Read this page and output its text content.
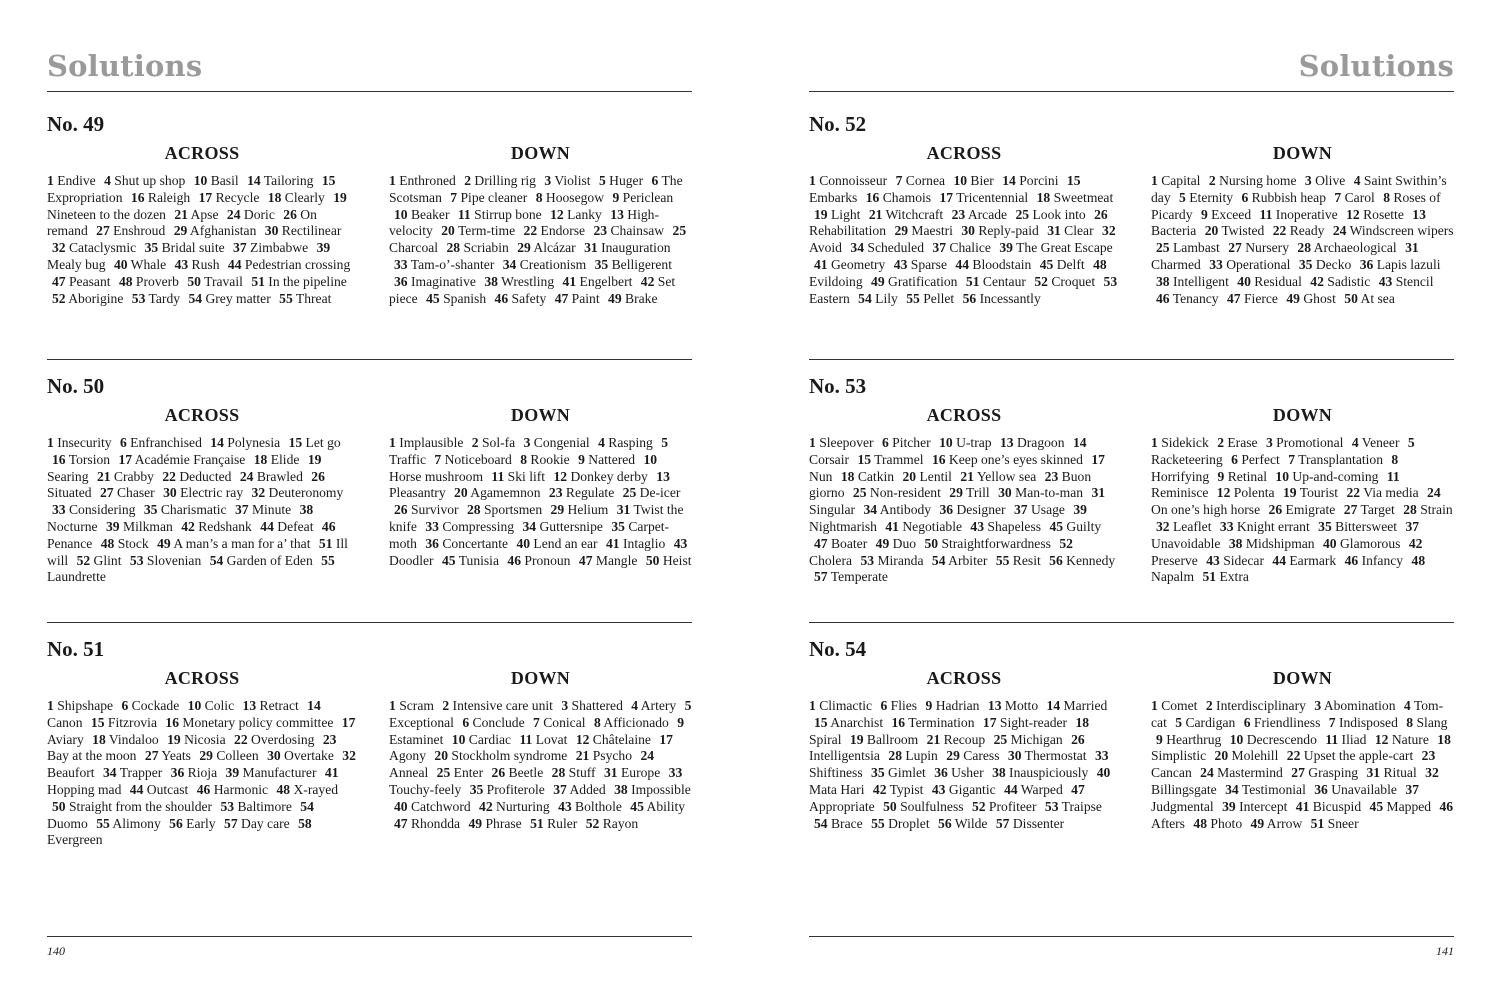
Solutions
No. 49
ACROSS

1 Endive 4 Shut up shop 10 Basil 14 Tailoring 15 Expropriation 16 Raleigh 17 Recycle 18 Clearly 19 Nineteen to the dozen 21 Apse 24 Doric 26 On remand 27 Enshroud 29 Afghanistan 30 Rectilinear 32 Cataclysmic 35 Bridal suite 37 Zimbabwe 39 Mealy bug 40 Whale 43 Rush 44 Pedestrian crossing 47 Peasant 48 Proverb 50 Travail 51 In the pipeline 52 Aborigine 53 Tardy 54 Grey matter 55 Threat

DOWN

1 Enthroned 2 Drilling rig 3 Violist 5 Huger 6 The Scotsman 7 Pipe cleaner 8 Hoosegow 9 Periclean 10 Beaker 11 Stirrup bone 12 Lanky 13 High-velocity 20 Term-time 22 Endorse 23 Chainsaw 25 Charcoal 28 Scriabin 29 Alcázar 31 Inauguration 33 Tam-o’-shanter 34 Creationism 35 Belligerent 36 Imaginative 38 Wrestling 41 Engelbert 42 Set piece 45 Spanish 46 Safety 47 Paint 49 Brake

No. 50
ACROSS

1 Insecurity 6 Enfranchised 14 Polynesia 15 Let go 16 Torsion 17 Académie Française 18 Elide 19 Searing 21 Crabby 22 Deducted 24 Brawled 26 Situated 27 Chaser 30 Electric ray 32 Deuteronomy 33 Considering 35 Charismatic 37 Minute 38 Nocturne 39 Milkman 42 Redshank 44 Defeat 46 Penance 48 Stock 49 A man’s a man for a’ that 51 Ill will 52 Glint 53 Slovenian 54 Garden of Eden 55 Laundrette

DOWN

1 Implausible 2 Sol-fa 3 Congenial 4 Rasping 5 Traffic 7 Noticeboard 8 Rookie 9 Nattered 10 Horse mushroom 11 Ski lift 12 Donkey derby 13 Pleasantry 20 Agamemnon 23 Regulate 25 De-icer 26 Survivor 28 Sportsmen 29 Helium 31 Twist the knife 33 Compressing 34 Guttersnipe 35 Carpet-moth 36 Concertante 40 Lend an ear 41 Intaglio 43 Doodler 45 Tunisia 46 Pronoun 47 Mangle 50 Heist

No. 51
ACROSS

1 Shipshape 6 Cockade 10 Colic 13 Retract 14 Canon 15 Fitzrovia 16 Monetary policy committee 17 Aviary 18 Vindaloo 19 Nicosia 22 Overdosing 23 Bay at the moon 27 Yeats 29 Colleen 30 Overtake 32 Beaufort 34 Trapper 36 Rioja 39 Manufacturer 41 Hopping mad 44 Outcast 46 Harmonic 48 X-rayed 50 Straight from the shoulder 53 Baltimore 54 Duomo 55 Alimony 56 Early 57 Day care 58 Evergreen

DOWN

1 Scram 2 Intensive care unit 3 Shattered 4 Artery 5 Exceptional 6 Conclude 7 Conical 8 Afficionado 9 Estaminet 10 Cardiac 11 Lovat 12 Châtelaine 17 Agony 20 Stockholm syndrome 21 Psycho 24 Anneal 25 Enter 26 Beetle 28 Stuff 31 Europe 33 Touchy-feely 35 Profiterole 37 Added 38 Impossible 40 Catchword 42 Nurturing 43 Bolthole 45 Ability 47 Rhondda 49 Phrase 51 Ruler 52 Rayon

140
Solutions
No. 52
ACROSS

1 Connoisseur 7 Cornea 10 Bier 14 Porcini 15 Embarks 16 Chamois 17 Tricentennial 18 Sweetmeat 19 Light 21 Witchcraft 23 Arcade 25 Look into 26 Rehabilitation 29 Maestri 30 Reply-paid 31 Clear 32 Avoid 34 Scheduled 37 Chalice 39 The Great Escape 41 Geometry 43 Sparse 44 Bloodstain 45 Delft 48 Evildoing 49 Gratification 51 Centaur 52 Croquet 53 Eastern 54 Lily 55 Pellet 56 Incessantly

DOWN

1 Capital 2 Nursing home 3 Olive 4 Saint Swithin’s day 5 Eternity 6 Rubbish heap 7 Carol 8 Roses of Picardy 9 Exceed 11 Inoperative 12 Rosette 13 Bacteria 20 Twisted 22 Ready 24 Windscreen wipers 25 Lambast 27 Nursery 28 Archaeological 31 Charmed 33 Operational 35 Decko 36 Lapis lazuli 38 Intelligent 40 Residual 42 Sadistic 43 Stencil 46 Tenancy 47 Fierce 49 Ghost 50 At sea

No. 53
ACROSS

1 Sleepover 6 Pitcher 10 U-trap 13 Dragoon 14 Corsair 15 Trammel 16 Keep one’s eyes skinned 17 Nun 18 Catkin 20 Lentil 21 Yellow sea 23 Buon giorno 25 Non-resident 29 Trill 30 Man-to-man 31 Singular 34 Antibody 36 Designer 37 Usage 39 Nightmarish 41 Negotiable 43 Shapeless 45 Guilty 47 Boater 49 Duo 50 Straightforwardness 52 Cholera 53 Miranda 54 Arbiter 55 Resit 56 Kennedy 57 Temperate

DOWN

1 Sidekick 2 Erase 3 Promotional 4 Veneer 5 Racketeering 6 Perfect 7 Transplantation 8 Horrifying 9 Retinal 10 Up-and-coming 11 Reminisce 12 Polenta 19 Tourist 22 Via media 24 On one’s high horse 26 Emigrate 27 Target 28 Strain 32 Leaflet 33 Knight errant 35 Bittersweet 37 Unavoidable 38 Midshipman 40 Glamorous 42 Preserve 43 Sidecar 44 Earmark 46 Infancy 48 Napalm 51 Extra

No. 54
ACROSS

1 Climactic 6 Flies 9 Hadrian 13 Motto 14 Married 15 Anarchist 16 Termination 17 Sight-reader 18 Spiral 19 Ballroom 21 Recoup 25 Michigan 26 Intelligentsia 28 Lupin 29 Caress 30 Thermostat 33 Shiftiness 35 Gimlet 36 Usher 38 Inauspiciously 40 Mata Hari 42 Typist 43 Gigantic 44 Warped 47 Appropriate 50 Soulfulness 52 Profiteer 53 Traipse 54 Brace 55 Droplet 56 Wilde 57 Dissenter

DOWN

1 Comet 2 Interdisciplinary 3 Abomination 4 Tom-cat 5 Cardigan 6 Friendliness 7 Indisposed 8 Slang 9 Hearthrug 10 Decrescendo 11 Iliad 12 Nature 18 Simplistic 20 Molehill 22 Upset the apple-cart 23 Cancan 24 Mastermind 27 Grasping 31 Ritual 32 Billingsgate 34 Testimonial 36 Unavailable 37 Judgmental 39 Intercept 41 Bicuspid 45 Mapped 46 Afters 48 Photo 49 Arrow 51 Sneer

141
